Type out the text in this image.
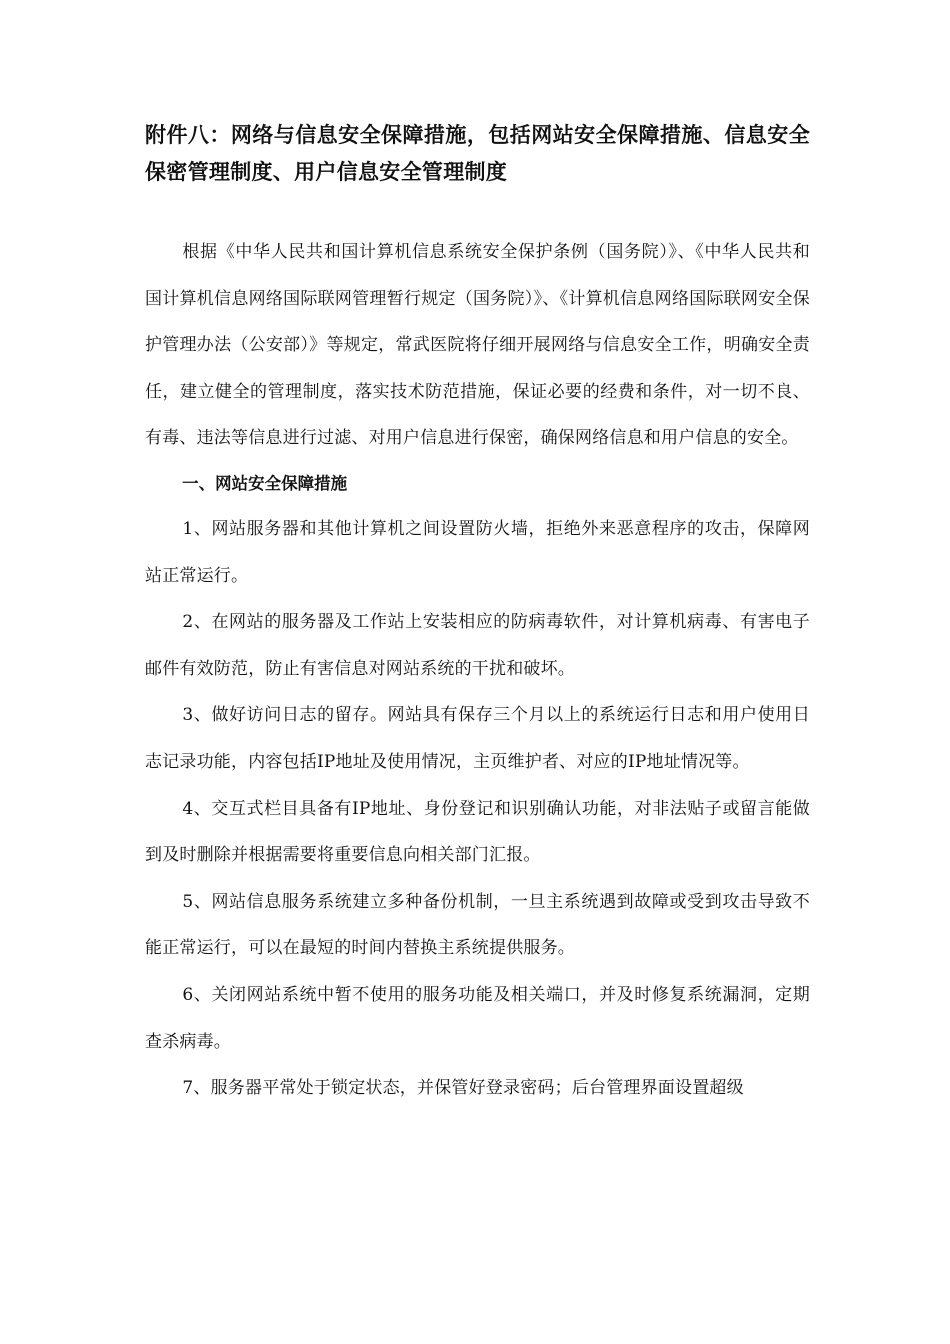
附件八：网络与信息安全保障措施，包括网站安全保障措施、信息安全保密管理制度、用户信息安全管理制度

根据《中华人民共和国计算机信息系统安全保护条例（国务院）》、《中华人民共和国计算机信息网络国际联网管理暂行规定（国务院）》、《计算机信息网络国际联网安全保护管理办法（公安部）》等规定，常武医院将仔细开展网络与信息安全工作，明确安全责任，建立健全的管理制度，落实技术防范措施，保证必要的经费和条件，对一切不良、有毒、违法等信息进行过滤、对用户信息进行保密，确保网络信息和用户信息的安全。

一、网站安全保障措施

1、网站服务器和其他计算机之间设置防火墙，拒绝外来恶意程序的攻击，保障网站正常运行。

2、在网站的服务器及工作站上安装相应的防病毒软件，对计算机病毒、有害电子邮件有效防范，防止有害信息对网站系统的干扰和破坏。

3、做好访问日志的留存。网站具有保存三个月以上的系统运行日志和用户使用日志记录功能，内容包括IP地址及使用情况，主页维护者、对应的IP地址情况等。

4、交互式栏目具备有IP地址、身份登记和识别确认功能，对非法贴子或留言能做到及时删除并根据需要将重要信息向相关部门汇报。

5、网站信息服务系统建立多种备份机制，一旦主系统遇到故障或受到攻击导致不能正常运行，可以在最短的时间内替换主系统提供服务。

6、关闭网站系统中暂不使用的服务功能及相关端口，并及时修复系统漏洞，定期查杀病毒。

7、服务器平常处于锁定状态，并保管好登录密码；后台管理界面设置超级
